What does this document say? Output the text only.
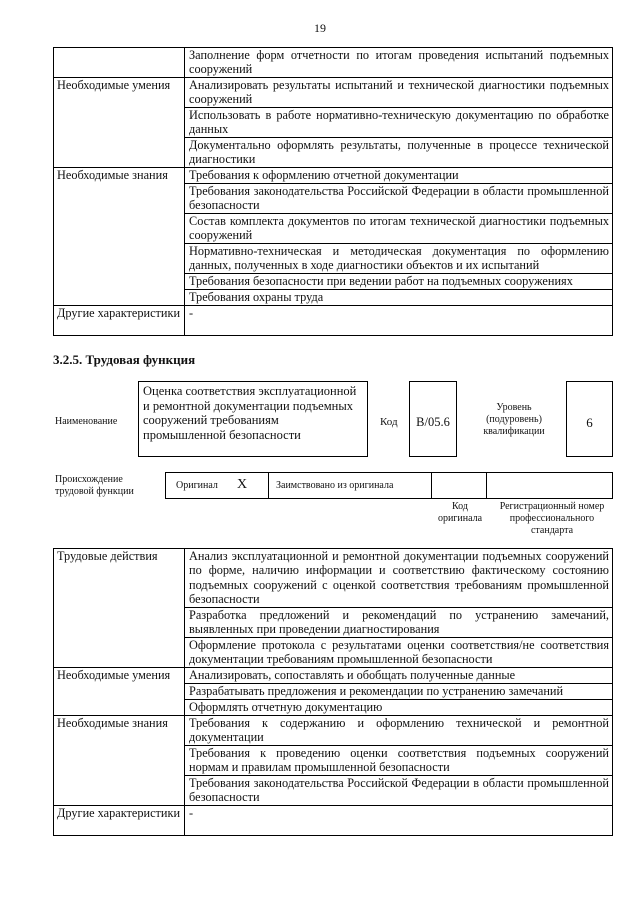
19
	Заполнение форм отчетности по итогам проведения испытаний подъемных сооружений
Необходимые умения	Анализировать результаты испытаний и технической диагностики подъемных сооружений
	Использовать в работе нормативно-техническую документацию по обработке данных
	Документально оформлять результаты, полученные в процессе технической диагностики
Необходимые знания	Требования к оформлению отчетной документации
	Требования законодательства Российской Федерации в области промышленной безопасности
	Состав комплекта документов по итогам технической диагностики подъемных сооружений
	Нормативно-техническая и методическая документация по оформлению данных, полученных в ходе диагностики объектов и их испытаний
	Требования безопасности при ведении работ на подъемных сооружениях
	Требования охраны труда
Другие характеристики	-
3.2.5. Трудовая функция
Наименование
Оценка соответствия эксплуатационной и ремонтной документации подъемных сооружений требованиям промышленной безопасности
Код	В/05.6
Уровень (подуровень) квалификации
6
Происхождение трудовой функции
Оригинал X	Заимствовано из оригинала
Код оригинала
Регистрационный номер профессионального стандарта
Трудовые действия	Анализ эксплуатационной и ремонтной документации подъемных сооружений по форме, наличию информации и соответствию фактическому состоянию подъемных сооружений с оценкой соответствия требованиям промышленной безопасности
	Разработка предложений и рекомендаций по устранению замечаний, выявленных при проведении диагностирования
	Оформление протокола с результатами оценки соответствия/не соответствия документации требованиям промышленной безопасности
Необходимые умения	Анализировать, сопоставлять и обобщать полученные данные
	Разрабатывать предложения и рекомендации по устранению замечаний
	Оформлять отчетную документацию
Необходимые знания	Требования к содержанию и оформлению технической и ремонтной документации
	Требования к проведению оценки соответствия подъемных сооружений нормам и правилам промышленной безопасности
	Требования законодательства Российской Федерации в области промышленной безопасности
Другие характеристики	-
